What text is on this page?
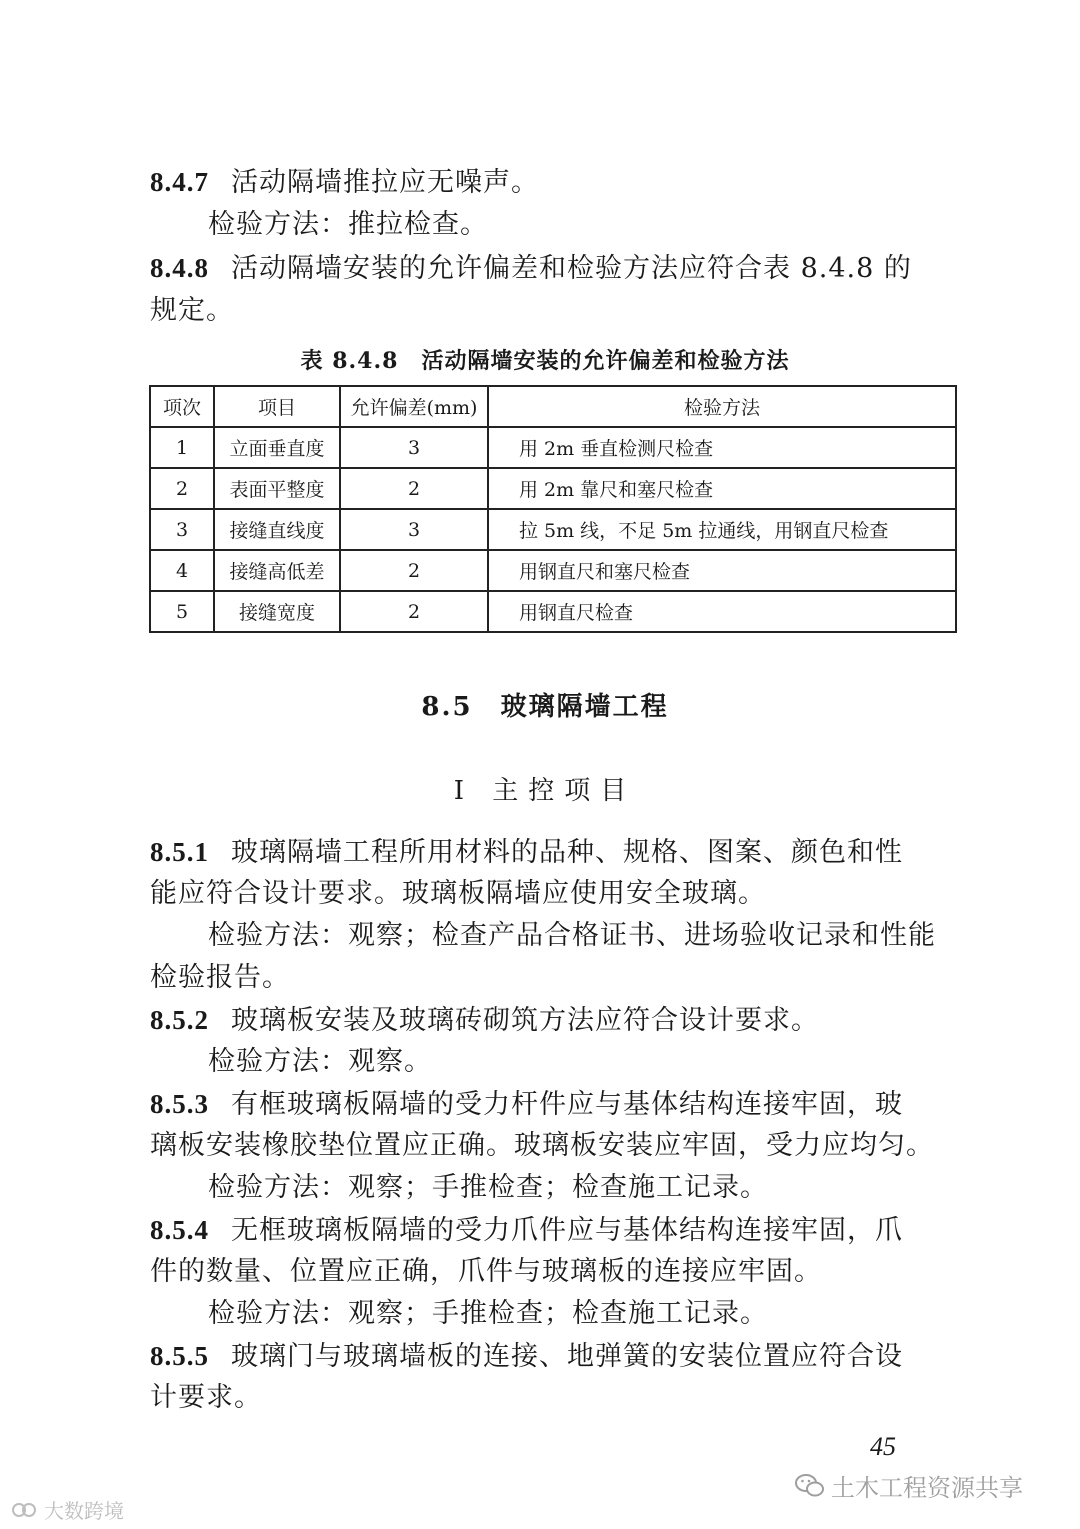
8.4.7 活动隔墙推拉应无噪声。

检验方法：推拉检查。

8.4.8 活动隔墙安装的允许偏差和检验方法应符合表 8.4.8 的

规定。

表 8.4.8　活动隔墙安装的允许偏差和检验方法
项次	项目	允许偏差(mm)	检验方法
1	立面垂直度	3	用 2m 垂直检测尺检查
2	表面平整度	2	用 2m 靠尺和塞尺检查
3	接缝直线度	3	拉 5m 线，不足 5m 拉通线，用钢直尺检查
4	接缝高低差	2	用钢直尺和塞尺检查
5	接缝宽度	2	用钢直尺检查
8.5　玻璃隔墙工程
Ⅰ 主控项目

8.5.1 玻璃隔墙工程所用材料的品种、规格、图案、颜色和性

能应符合设计要求。玻璃板隔墙应使用安全玻璃。

检验方法：观察；检查产品合格证书、进场验收记录和性能

检验报告。

8.5.2 玻璃板安装及玻璃砖砌筑方法应符合设计要求。

检验方法：观察。

8.5.3 有框玻璃板隔墙的受力杆件应与基体结构连接牢固，玻

璃板安装橡胶垫位置应正确。玻璃板安装应牢固，受力应均匀。

检验方法：观察；手推检查；检查施工记录。

8.5.4 无框玻璃板隔墙的受力爪件应与基体结构连接牢固，爪

件的数量、位置应正确，爪件与玻璃板的连接应牢固。

检验方法：观察；手推检查；检查施工记录。

8.5.5 玻璃门与玻璃墙板的连接、地弹簧的安装位置应符合设

计要求。

45
大数跨境
土木工程资源共享
